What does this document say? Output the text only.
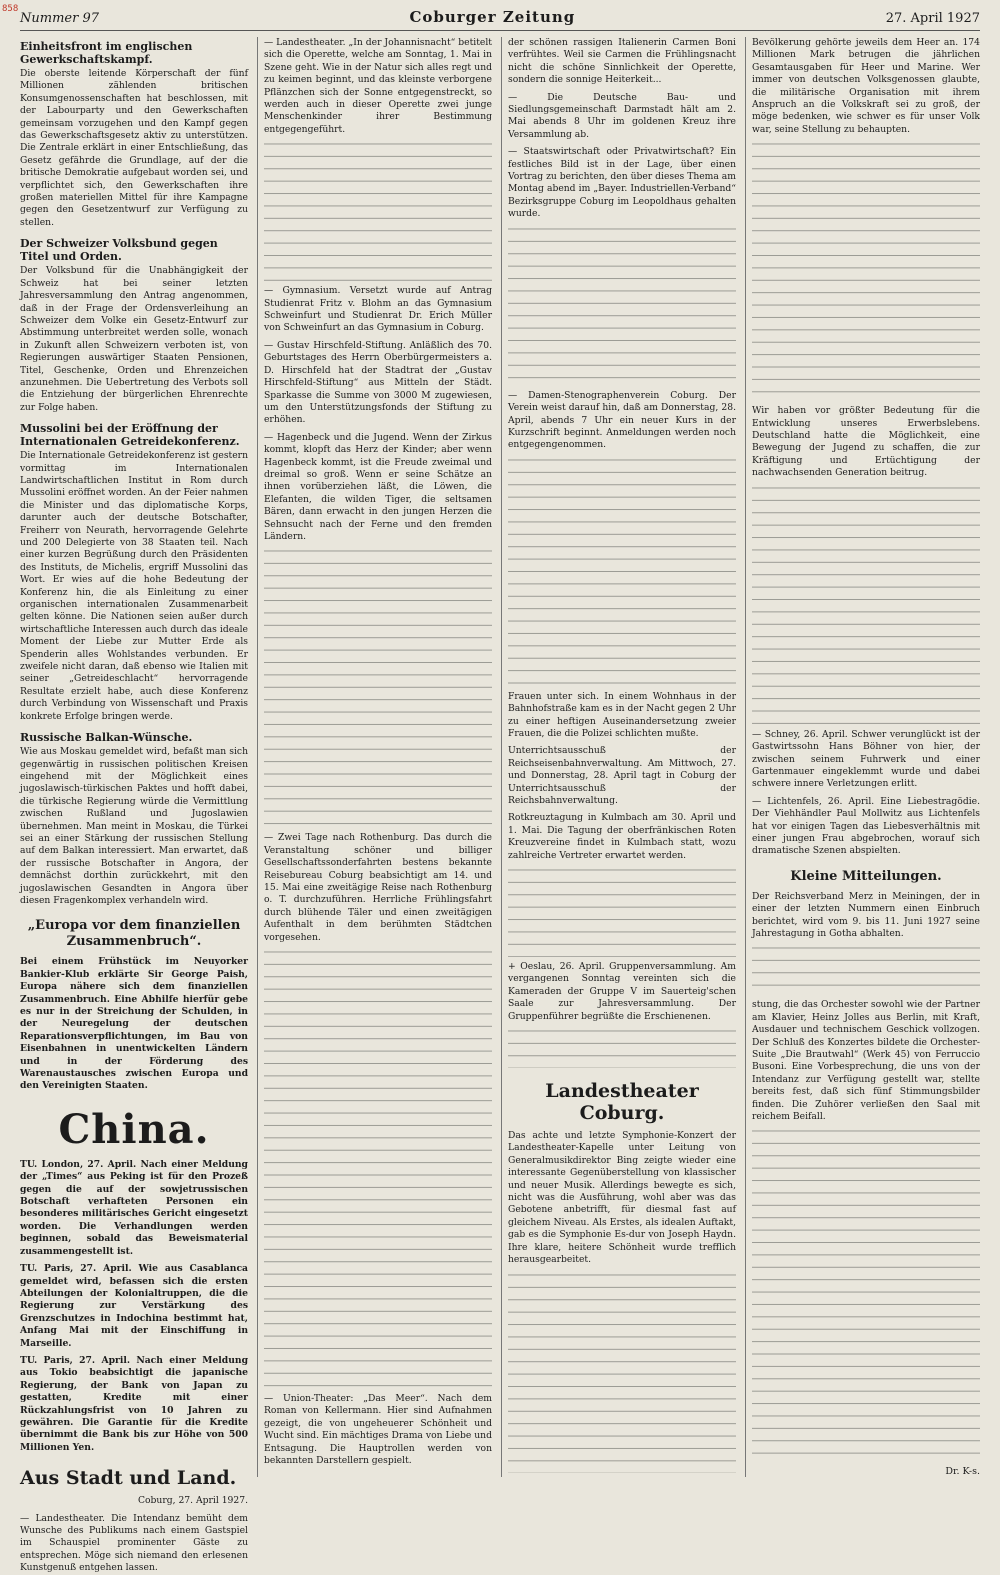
858
Nummer 97	Coburger Zeitung	27. April 1927
Einheitsfront im englischen Gewerkschaftskampf.
Die oberste leitende Körperschaft der fünf Millionen zählenden britischen Konsumgenossenschaften hat beschlossen, mit der Labourparty und den Gewerkschaften gemeinsam vorzugehen und den Kampf gegen das Gewerkschaftsgesetz aktiv zu unterstützen. Die Zentrale erklärt in einer Entschließung, das Gesetz gefährde die Grundlage, auf der die britische Demokratie aufgebaut worden sei, und verpflichtet sich, den Gewerkschaften ihre großen materiellen Mittel für ihre Kampagne gegen den Gesetzentwurf zur Verfügung zu stellen.
Der Schweizer Volksbund gegen Titel und Orden.
Der Volksbund für die Unabhängigkeit der Schweiz hat bei seiner letzten Jahresversammlung den Antrag angenommen, daß in der Frage der Ordensverleihung an Schweizer dem Volke ein Gesetz-Entwurf zur Abstimmung unterbreitet werden solle, wonach in Zukunft allen Schweizern verboten ist, von Regierungen auswärtiger Staaten Pensionen, Titel, Geschenke, Orden und Ehrenzeichen anzunehmen. Die Uebertretung des Verbots soll die Entziehung der bürgerlichen Ehrenrechte zur Folge haben.
Mussolini bei der Eröffnung der Internationalen Getreidekonferenz.
Die Internationale Getreidekonferenz ist gestern vormittag im Internationalen Landwirtschaftlichen Institut in Rom durch Mussolini eröffnet worden. An der Feier nahmen die Minister und das diplomatische Korps, darunter auch der deutsche Botschafter, Freiherr von Neurath, hervorragende Gelehrte und 200 Delegierte von 38 Staaten teil. Nach einer kurzen Begrüßung durch den Präsidenten des Instituts, de Michelis, ergriff Mussolini das Wort. Er wies auf die hohe Bedeutung der Konferenz hin, die als Einleitung zu einer organischen internationalen Zusammenarbeit gelten könne. Die Nationen seien außer durch wirtschaftliche Interessen auch durch das ideale Moment der Liebe zur Mutter Erde als Spenderin alles Wohlstandes verbunden. Er zweifele nicht daran, daß ebenso wie Italien mit seiner „Getreideschlacht“ hervorragende Resultate erzielt habe, auch diese Konferenz durch Verbindung von Wissenschaft und Praxis konkrete Erfolge bringen werde.
Russische Balkan-Wünsche.
Wie aus Moskau gemeldet wird, befaßt man sich gegenwärtig in russischen politischen Kreisen eingehend mit der Möglichkeit eines jugoslawisch-türkischen Paktes und hofft dabei, die türkische Regierung würde die Vermittlung zwischen Rußland und Jugoslawien übernehmen. Man meint in Moskau, die Türkei sei an einer Stärkung der russischen Stellung auf dem Balkan interessiert. Man erwartet, daß der russische Botschafter in Angora, der demnächst dorthin zurückkehrt, mit den jugoslawischen Gesandten in Angora über diesen Fragenkomplex verhandeln wird.
„Europa vor dem finanziellen Zusammenbruch“.
Bei einem Frühstück im Neuyorker Bankier-Klub erklärte Sir George Paish, Europa nähere sich dem finanziellen Zusammenbruch. Eine Abhilfe hierfür gebe es nur in der Streichung der Schulden, in der Neuregelung der deutschen Reparationsverpflichtungen, im Bau von Eisenbahnen in unentwickelten Ländern und in der Förderung des Warenaustausches zwischen Europa und den Vereinigten Staaten.
China.
TU. London, 27. April. Nach einer Meldung der „Times“ aus Peking ist für den Prozeß gegen die auf der sowjetrussischen Botschaft verhafteten Personen ein besonderes militärisches Gericht eingesetzt worden. Die Verhandlungen werden beginnen, sobald das Beweismaterial zusammengestellt ist.
TU. Paris, 27. April. Wie aus Casablanca gemeldet wird, befassen sich die ersten Abteilungen der Kolonialtruppen, die die Regierung zur Verstärkung des Grenzschutzes in Indochina bestimmt hat, Anfang Mai mit der Einschiffung in Marseille.
TU. Paris, 27. April. Nach einer Meldung aus Tokio beabsichtigt die japanische Regierung, der Bank von Japan zu gestatten, Kredite mit einer Rückzahlungsfrist von 10 Jahren zu gewähren. Die Garantie für die Kredite übernimmt die Bank bis zur Höhe von 500 Millionen Yen.
Aus Stadt und Land.
Coburg, 27. April 1927.
— Landestheater. Die Intendanz bemüht dem Wunsche des Publikums nach einem Gastspiel im Schauspiel prominenter Gäste zu entsprechen. Möge sich niemand den erlesenen Kunstgenuß entgehen lassen.
— Landestheater. „In der Johannisnacht“ betitelt sich die Operette, welche am Sonntag, 1. Mai in Szene geht. Wie in der Natur sich alles regt und zu keimen beginnt, und das kleinste verborgene Pflänzchen sich der Sonne entgegenstreckt, so werden auch in dieser Operette zwei junge Menschenkinder ihrer Bestimmung entgegengeführt.
— Gymnasium. Versetzt wurde auf Antrag Studienrat Fritz v. Blohm an das Gymnasium Schweinfurt und Studienrat Dr. Erich Müller von Schweinfurt an das Gymnasium in Coburg.
— Gustav Hirschfeld-Stiftung. Anläßlich des 70. Geburtstages des Herrn Oberbürgermeisters a. D. Hirschfeld hat der Stadtrat der „Gustav Hirschfeld-Stiftung“ aus Mitteln der Städt. Sparkasse die Summe von 3000 M zugewiesen, um den Unterstützungsfonds der Stiftung zu erhöhen.
— Hagenbeck und die Jugend. Wenn der Zirkus kommt, klopft das Herz der Kinder; aber wenn Hagenbeck kommt, ist die Freude zweimal und dreimal so groß. Wenn er seine Schätze an ihnen vorüberziehen läßt, die Löwen, die Elefanten, die wilden Tiger, die seltsamen Bären, dann erwacht in den jungen Herzen die Sehnsucht nach der Ferne und den fremden Ländern.
— Zwei Tage nach Rothenburg. Das durch die Veranstaltung schöner und billiger Gesellschaftssonderfahrten bestens bekannte Reisebureau Coburg beabsichtigt am 14. und 15. Mai eine zweitägige Reise nach Rothenburg o. T. durchzuführen. Herrliche Frühlingsfahrt durch blühende Täler und einen zweitägigen Aufenthalt in dem berühmten Städtchen vorgesehen.
— Union-Theater: „Das Meer“. Nach dem Roman von Kellermann. Hier sind Aufnahmen gezeigt, die von ungeheuerer Schönheit und Wucht sind. Ein mächtiges Drama von Liebe und Entsagung. Die Hauptrollen werden von bekannten Darstellern gespielt.
der schönen rassigen Italienerin Carmen Boni verfrühtes. Weil sie Carmen die Frühlingsnacht nicht die schöne Sinnlichkeit der Operette, sondern die sonnige Heiterkeit...
— Die Deutsche Bau- und Siedlungsgemeinschaft Darmstadt hält am 2. Mai abends 8 Uhr im goldenen Kreuz ihre Versammlung ab.
— Staatswirtschaft oder Privatwirtschaft? Ein festliches Bild ist in der Lage, über einen Vortrag zu berichten, den über dieses Thema am Montag abend im „Bayer. Industriellen-Verband“ Bezirksgruppe Coburg im Leopoldhaus gehalten wurde.
— Damen-Stenographenverein Coburg. Der Verein weist darauf hin, daß am Donnerstag, 28. April, abends 7 Uhr ein neuer Kurs in der Kurzschrift beginnt. Anmeldungen werden noch entgegengenommen.
Frauen unter sich. In einem Wohnhaus in der Bahnhofstraße kam es in der Nacht gegen 2 Uhr zu einer heftigen Auseinandersetzung zweier Frauen, die die Polizei schlichten mußte.
Unterrichtsausschuß der Reichseisenbahnverwaltung. Am Mittwoch, 27. und Donnerstag, 28. April tagt in Coburg der Unterrichtsausschuß der Reichsbahnverwaltung.
Rotkreuztagung in Kulmbach am 30. April und 1. Mai. Die Tagung der oberfränkischen Roten Kreuzvereine findet in Kulmbach statt, wozu zahlreiche Vertreter erwartet werden.
+ Oeslau, 26. April. Gruppenversammlung. Am vergangenen Sonntag vereinten sich die Kameraden der Gruppe V im Sauerteig'schen Saale zur Jahresversammlung. Der Gruppenführer begrüßte die Erschienenen.
Landestheater Coburg.
Das achte und letzte Symphonie-Konzert der Landestheater-Kapelle unter Leitung von Generalmusikdirektor Bing zeigte wieder eine interessante Gegenüberstellung von klassischer und neuer Musik. Allerdings bewegte es sich, nicht was die Ausführung, wohl aber was das Gebotene anbetrifft, für diesmal fast auf gleichem Niveau. Als Erstes, als idealen Auftakt, gab es die Symphonie Es-dur von Joseph Haydn. Ihre klare, heitere Schönheit wurde trefflich herausgearbeitet.
Bevölkerung gehörte jeweils dem Heer an. 174 Millionen Mark betrugen die jährlichen Gesamtausgaben für Heer und Marine. Wer immer von deutschen Volksgenossen glaubte, die militärische Organisation mit ihrem Anspruch an die Volkskraft sei zu groß, der möge bedenken, wie schwer es für unser Volk war, seine Stellung zu behaupten.
Wir haben vor größter Bedeutung für die Entwicklung unseres Erwerbslebens. Deutschland hatte die Möglichkeit, eine Bewegung der Jugend zu schaffen, die zur Kräftigung und Ertüchtigung der nachwachsenden Generation beitrug.
— Schney, 26. April. Schwer verunglückt ist der Gastwirtssohn Hans Böhner von hier, der zwischen seinem Fuhrwerk und einer Gartenmauer eingeklemmt wurde und dabei schwere innere Verletzungen erlitt.
— Lichtenfels, 26. April. Eine Liebestragödie. Der Viehhändler Paul Mollwitz aus Lichtenfels hat vor einigen Tagen das Liebesverhältnis mit einer jungen Frau abgebrochen, worauf sich dramatische Szenen abspielten.
Kleine Mitteilungen.
Der Reichsverband Merz in Meiningen, der in einer der letzten Nummern einen Einbruch berichtet, wird vom 9. bis 11. Juni 1927 seine Jahrestagung in Gotha abhalten.
stung, die das Orchester sowohl wie der Partner am Klavier, Heinz Jolles aus Berlin, mit Kraft, Ausdauer und technischem Geschick vollzogen. Der Schluß des Konzertes bildete die Orchester-Suite „Die Brautwahl“ (Werk 45) von Ferruccio Busoni. Eine Vorbesprechung, die uns von der Intendanz zur Verfügung gestellt war, stellte bereits fest, daß sich fünf Stimmungsbilder finden. Die Zuhörer verließen den Saal mit reichem Beifall.
Dr. K-s.
